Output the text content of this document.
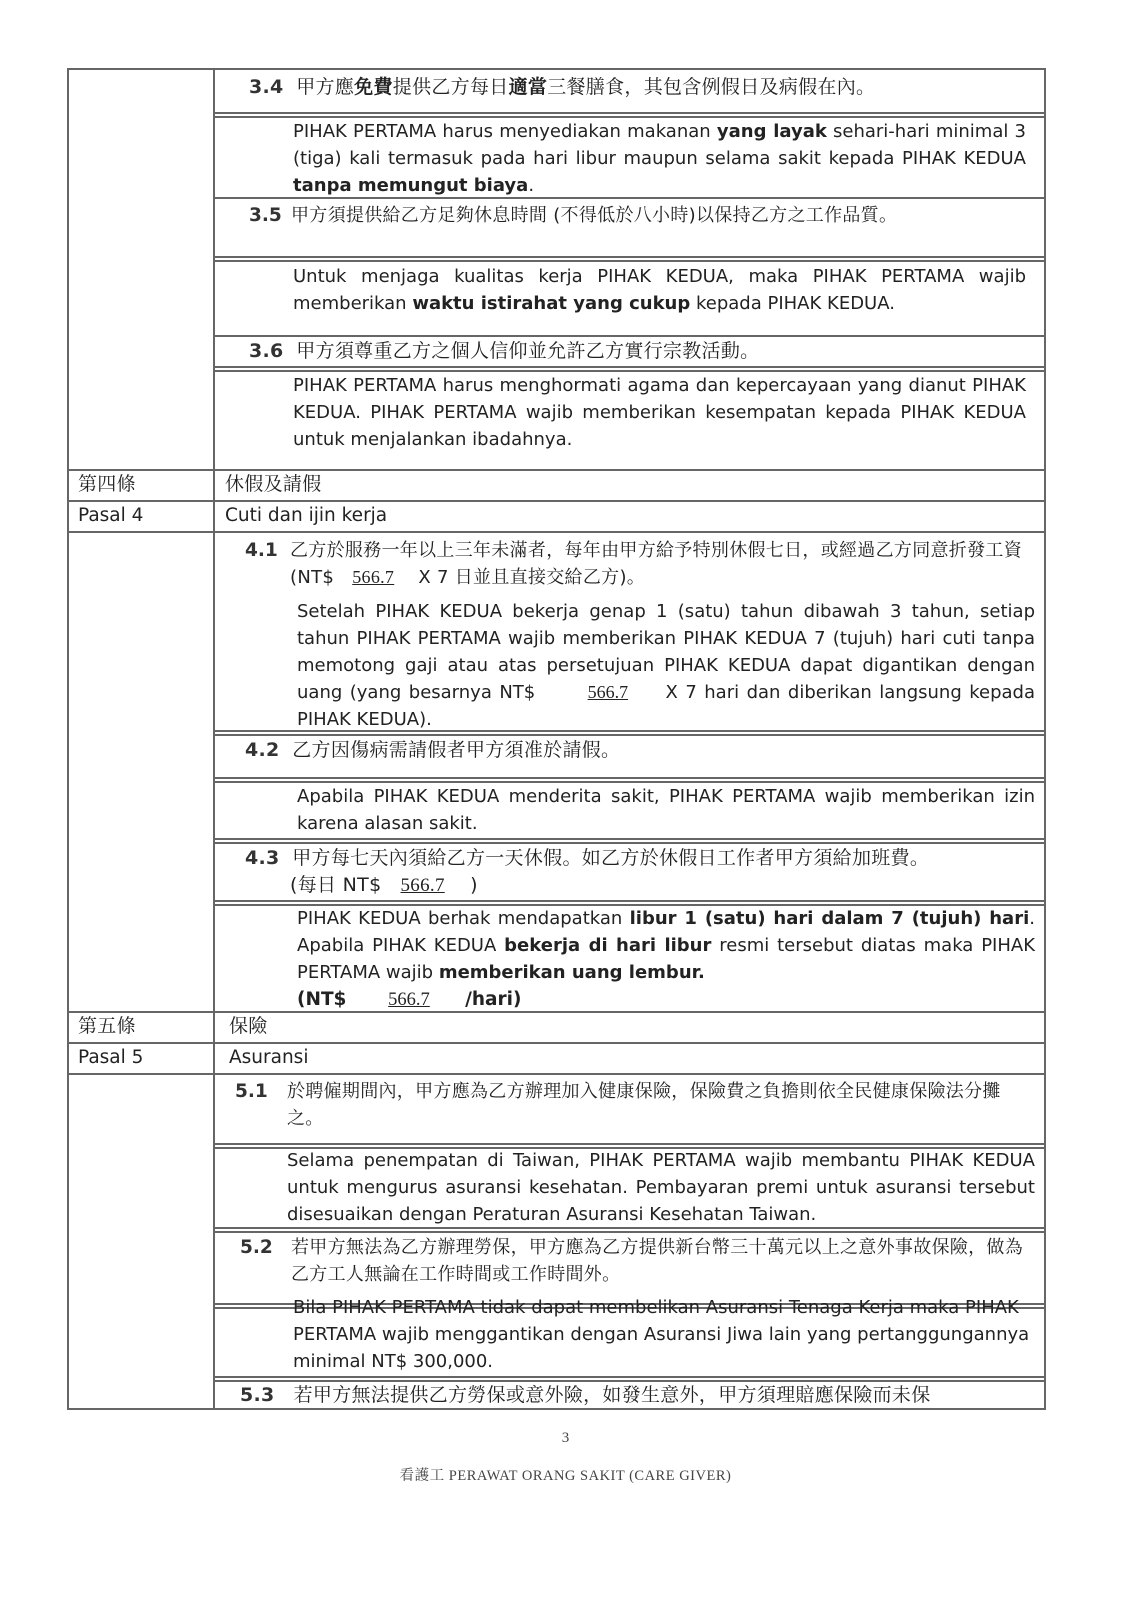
3.4 甲方應免費提供乙方每日適當三餐膳食，其包含例假日及病假在內。
PIHAK PERTAMA harus menyediakan makanan yang layak sehari-hari minimal 3 (tiga) kali termasuk pada hari libur maupun selama sakit kepada PIHAK KEDUA tanpa memungut biaya.
3.5 甲方須提供給乙方足夠休息時間 (不得低於八小時)以保持乙方之工作品質。
Untuk menjaga kualitas kerja PIHAK KEDUA, maka PIHAK PERTAMA wajib memberikan waktu istirahat yang cukup kepada PIHAK KEDUA.
3.6 甲方須尊重乙方之個人信仰並允許乙方實行宗教活動。
PIHAK PERTAMA harus menghormati agama dan kepercayaan yang dianut PIHAK KEDUA. PIHAK PERTAMA wajib memberikan kesempatan kepada PIHAK KEDUA untuk menjalankan ibadahnya.
第四條	休假及請假
Pasal 4	Cuti dan ijin kerja
4.1 乙方於服務一年以上三年未滿者，每年由甲方給予特別休假七日，或經過乙方同意折發工資 (NT$ 566.7    X 7 日並且直接交給乙方)。
Setelah PIHAK KEDUA bekerja genap 1 (satu) tahun dibawah 3 tahun, setiap tahun PIHAK PERTAMA wajib memberikan PIHAK KEDUA 7 (tujuh) hari cuti tanpa memotong gaji atau atas persetujuan PIHAK KEDUA dapat digantikan dengan uang (yang besarnya NT$       566.7     X 7 hari dan diberikan langsung kepada PIHAK KEDUA).
4.2 乙方因傷病需請假者甲方須准於請假。
Apabila PIHAK KEDUA menderita sakit, PIHAK PERTAMA wajib memberikan izin karena alasan sakit.
4.3 甲方每七天內須給乙方一天休假。如乙方於休假日工作者甲方須給加班費。
(每日 NT$   566.7 )
PIHAK KEDUA berhak mendapatkan libur 1 (satu) hari dalam 7 (tujuh) hari. Apabila PIHAK KEDUA bekerja di hari libur resmi tersebut diatas maka PIHAK PERTAMA wajib memberikan uang lembur.
(NT$       566.7 /hari)
第五條	保險
Pasal 5	Asuransi
5.1 於聘僱期間內，甲方應為乙方辦理加入健康保險，保險費之負擔則依全民健康保險法分攤之。
Selama penempatan di Taiwan, PIHAK PERTAMA wajib membantu PIHAK KEDUA untuk mengurus asuransi kesehatan. Pembayaran premi untuk asuransi tersebut disesuaikan dengan Peraturan Asuransi Kesehatan Taiwan.
5.2 若甲方無法為乙方辦理勞保，甲方應為乙方提供新台幣三十萬元以上之意外事故保險，做為乙方工人無論在工作時間或工作時間外。
Bila PIHAK PERTAMA tidak dapat membelikan Asuransi Tenaga Kerja maka PIHAK PERTAMA wajib menggantikan dengan Asuransi Jiwa lain yang pertanggungannya minimal NT$ 300,000.
5.3 若甲方無法提供乙方勞保或意外險，如發生意外，甲方須理賠應保險而未保
3
看護工 PERAWAT ORANG SAKIT (CARE GIVER)
